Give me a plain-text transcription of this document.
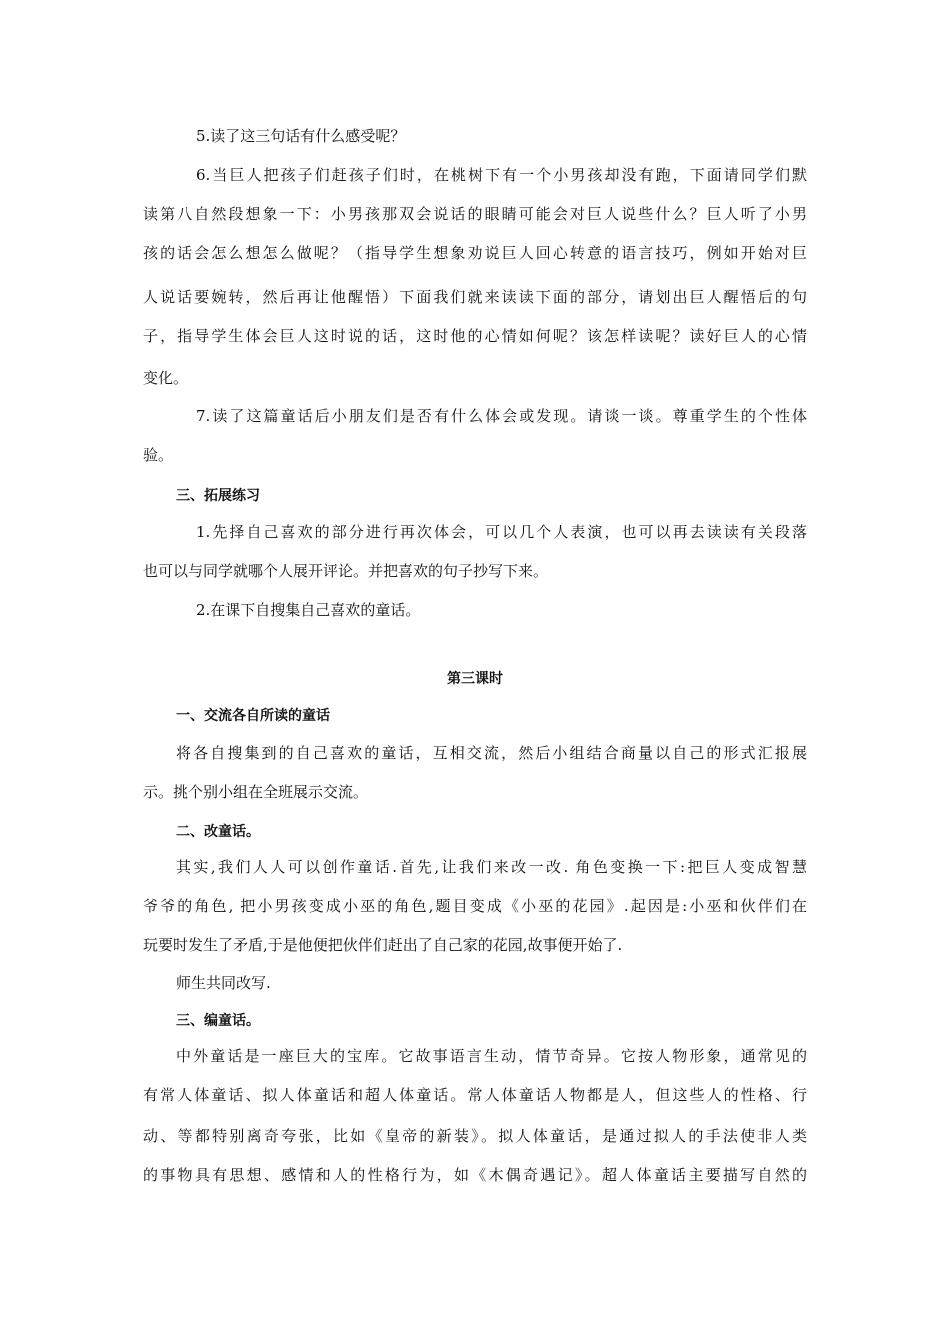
5.读了这三句话有什么感受呢？
6.当巨人把孩子们赶孩子们时，在桃树下有一个小男孩却没有跑，下面请同学们默
读第八自然段想象一下：小男孩那双会说话的眼睛可能会对巨人说些什么？巨人听了小男
孩的话会怎么想怎么做呢？（指导学生想象劝说巨人回心转意的语言技巧，例如开始对巨
人说话要婉转，然后再让他醒悟）下面我们就来读读下面的部分，请划出巨人醒悟后的句
子，指导学生体会巨人这时说的话，这时他的心情如何呢？该怎样读呢？读好巨人的心情
变化。
7.读了这篇童话后小朋友们是否有什么体会或发现。请谈一谈。尊重学生的个性体
验。
三、拓展练习
1.先择自己喜欢的部分进行再次体会，可以几个人表演，也可以再去读读有关段落
也可以与同学就哪个人展开评论。并把喜欢的句子抄写下来。
2.在课下自搜集自己喜欢的童话。
第三课时
一、交流各自所读的童话
将各自搜集到的自己喜欢的童话，互相交流，然后小组结合商量以自己的形式汇报展
示。挑个别小组在全班展示交流。
二、改童话。
其实,我们人人可以创作童话.首先,让我们来改一改. 角色变换一下:把巨人变成智慧
爷爷的角色, 把小男孩变成小巫的角色,题目变成《小巫的花园》.起因是:小巫和伙伴们在
玩要时发生了矛盾,于是他便把伙伴们赶出了自己家的花园,故事便开始了.
师生共同改写.
三、编童话。
中外童话是一座巨大的宝库。它故事语言生动，情节奇异。它按人物形象，通常见的
有常人体童话、拟人体童话和超人体童话。常人体童话人物都是人，但这些人的性格、行
动、等都特别离奇夸张，比如《皇帝的新装》。拟人体童话，是通过拟人的手法使非人类
的事物具有思想、感情和人的性格行为，如《木偶奇遇记》。超人体童话主要描写自然的
